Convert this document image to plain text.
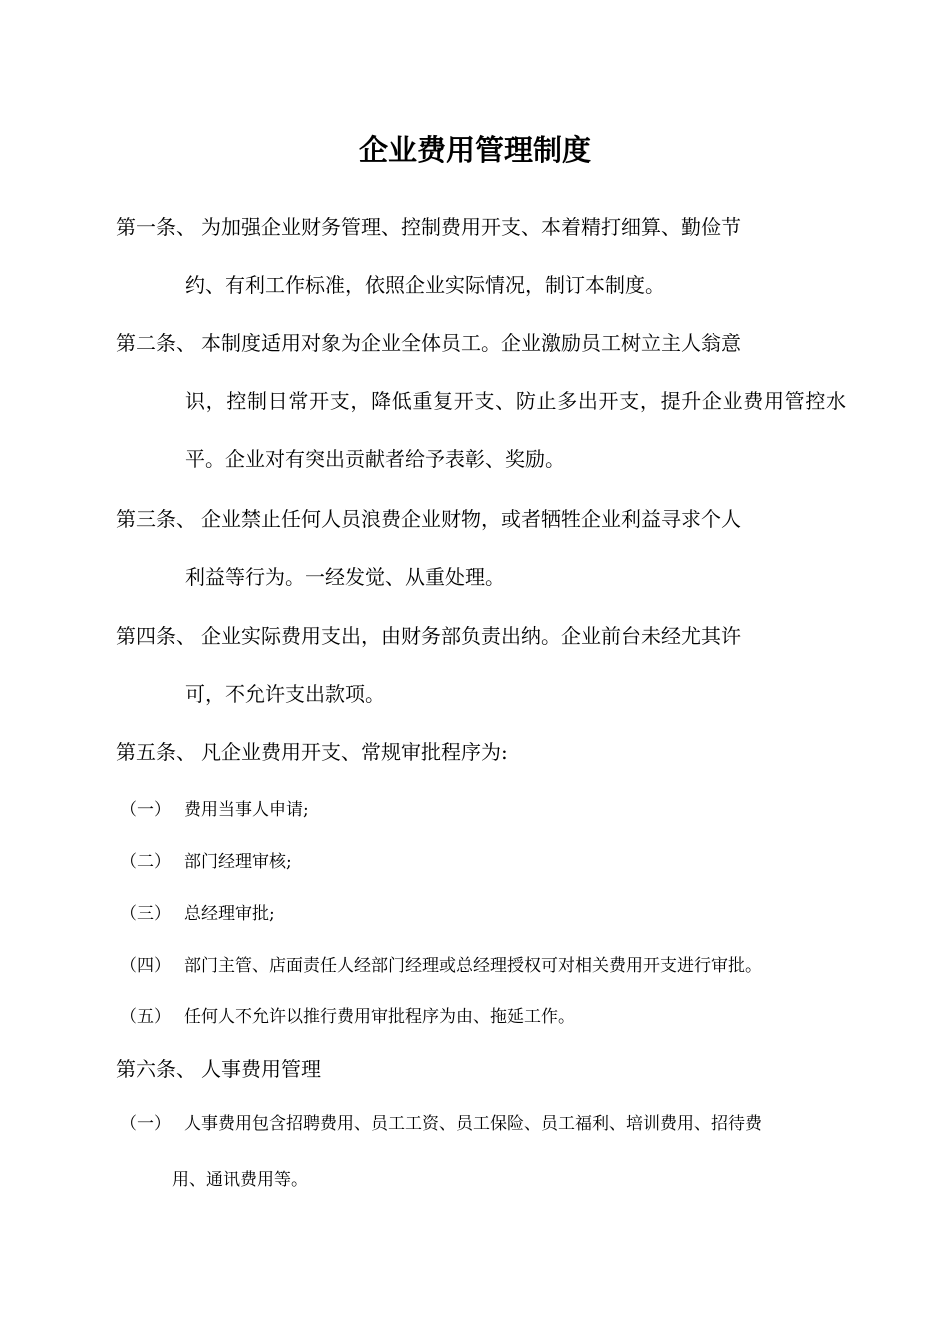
企业费用管理制度
第一条、 为加强企业财务管理、控制费用开支、本着精打细算、勤俭节
约、有利工作标准，依照企业实际情况，制订本制度。
第二条、 本制度适用对象为企业全体员工。企业激励员工树立主人翁意
识，控制日常开支，降低重复开支、防止多出开支，提升企业费用管控水平。企业对有突出贡献者给予表彰、奖励。
第三条、 企业禁止任何人员浪费企业财物，或者牺牲企业利益寻求个人
利益等行为。一经发觉、从重处理。
第四条、 企业实际费用支出，由财务部负责出纳。企业前台未经尤其许
可，不允许支出款项。
第五条、 凡企业费用开支、常规审批程序为:
（一） 费用当事人申请;
（二） 部门经理审核;
（三） 总经理审批;
（四） 部门主管、店面责任人经部门经理或总经理授权可对相关费用开支进行审批。
（五） 任何人不允许以推行费用审批程序为由、拖延工作。
第六条、 人事费用管理
（一） 人事费用包含招聘费用、员工工资、员工保险、员工福利、培训费用、招待费
用、通讯费用等。
